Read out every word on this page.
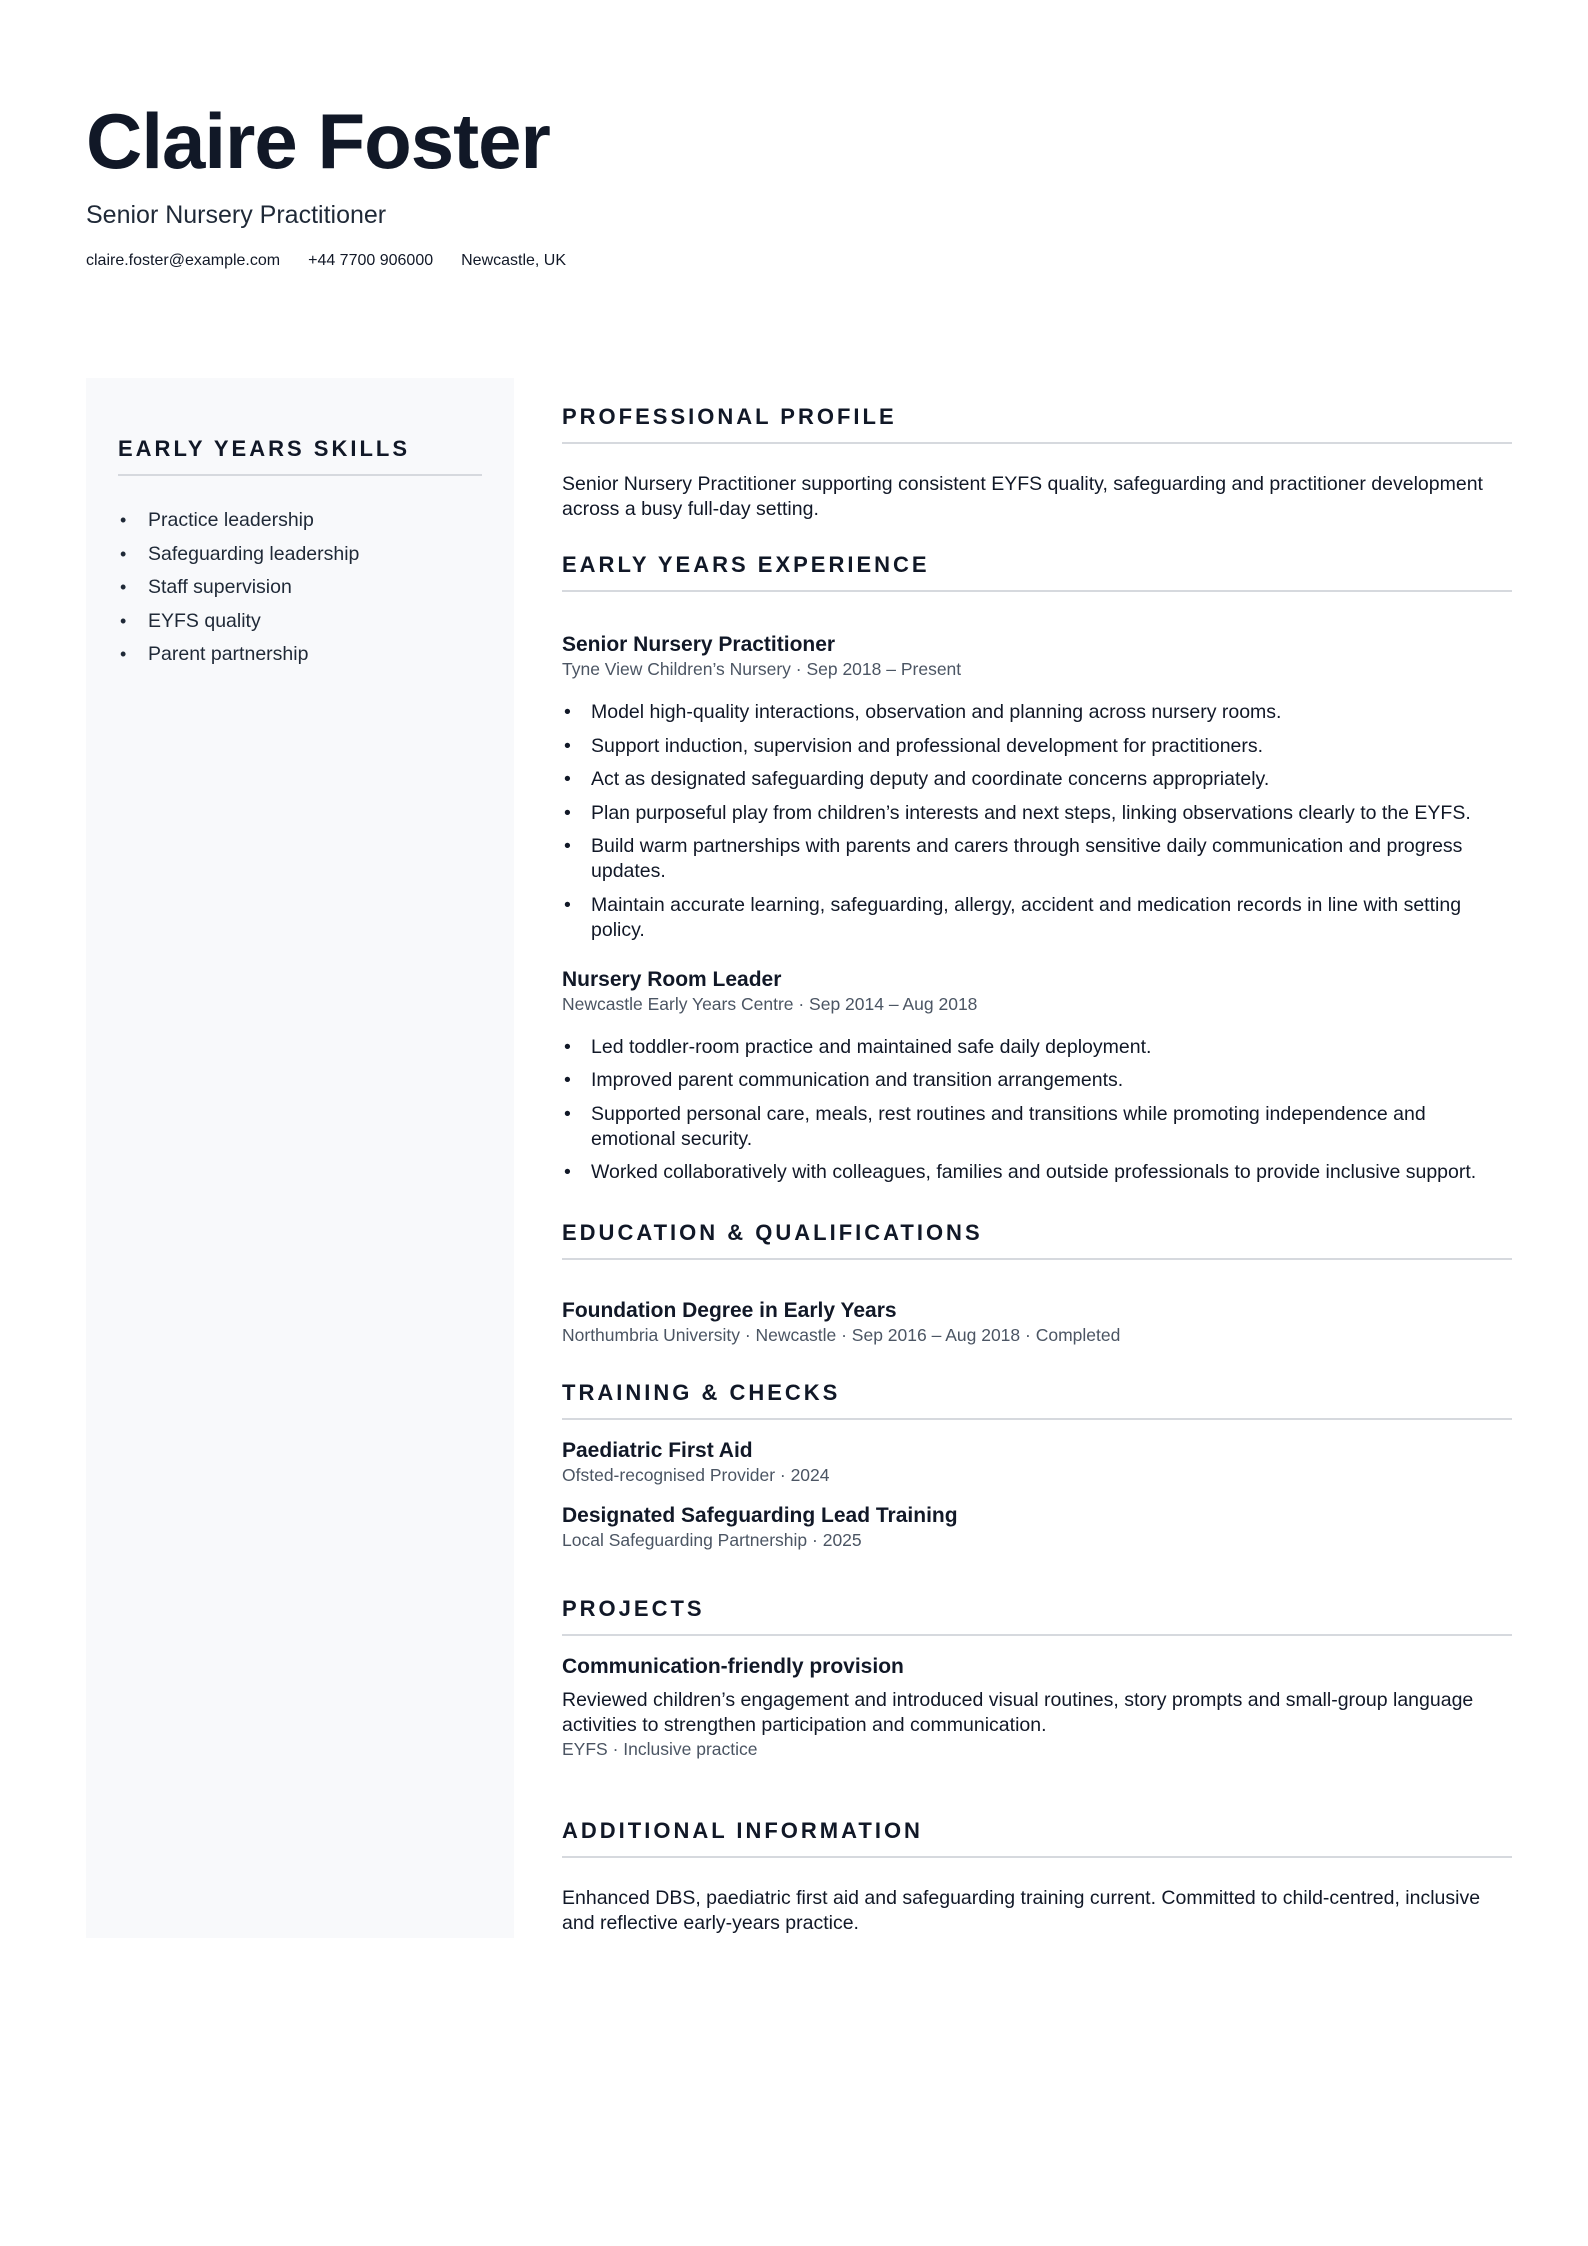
Claire Foster
Senior Nursery Practitioner
claire.foster@example.com +44 7700 906000 Newcastle, UK
EARLY YEARS SKILLS
• Practice leadership
• Safeguarding leadership
• Staff supervision
• EYFS quality
• Parent partnership
PROFESSIONAL PROFILE

Senior Nursery Practitioner supporting consistent EYFS quality, safeguarding and practitioner development across a busy full-day setting.

EARLY YEARS EXPERIENCE
Senior Nursery Practitioner
Tyne View Children’s Nursery · Sep 2018 – Present
• Model high-quality interactions, observation and planning across nursery rooms.
• Support induction, supervision and professional development for practitioners.
• Act as designated safeguarding deputy and coordinate concerns appropriately.
• Plan purposeful play from children’s interests and next steps, linking observations clearly to the EYFS.
• Build warm partnerships with parents and carers through sensitive daily communication and progress updates.
• Maintain accurate learning, safeguarding, allergy, accident and medication records in line with setting policy.
Nursery Room Leader
Newcastle Early Years Centre · Sep 2014 – Aug 2018
• Led toddler-room practice and maintained safe daily deployment.
• Improved parent communication and transition arrangements.
• Supported personal care, meals, rest routines and transitions while promoting independence and emotional security.
• Worked collaboratively with colleagues, families and outside professionals to provide inclusive support.
EDUCATION & QUALIFICATIONS
Foundation Degree in Early Years
Northumbria University · Newcastle · Sep 2016 – Aug 2018 · Completed
TRAINING & CHECKS
Paediatric First Aid
Ofsted-recognised Provider · 2024
Designated Safeguarding Lead Training
Local Safeguarding Partnership · 2025
PROJECTS
Communication-friendly provision

Reviewed children’s engagement and introduced visual routines, story prompts and small-group language activities to strengthen participation and communication.

EYFS · Inclusive practice
ADDITIONAL INFORMATION

Enhanced DBS, paediatric first aid and safeguarding training current. Committed to child-centred, inclusive and reflective early-years practice.
